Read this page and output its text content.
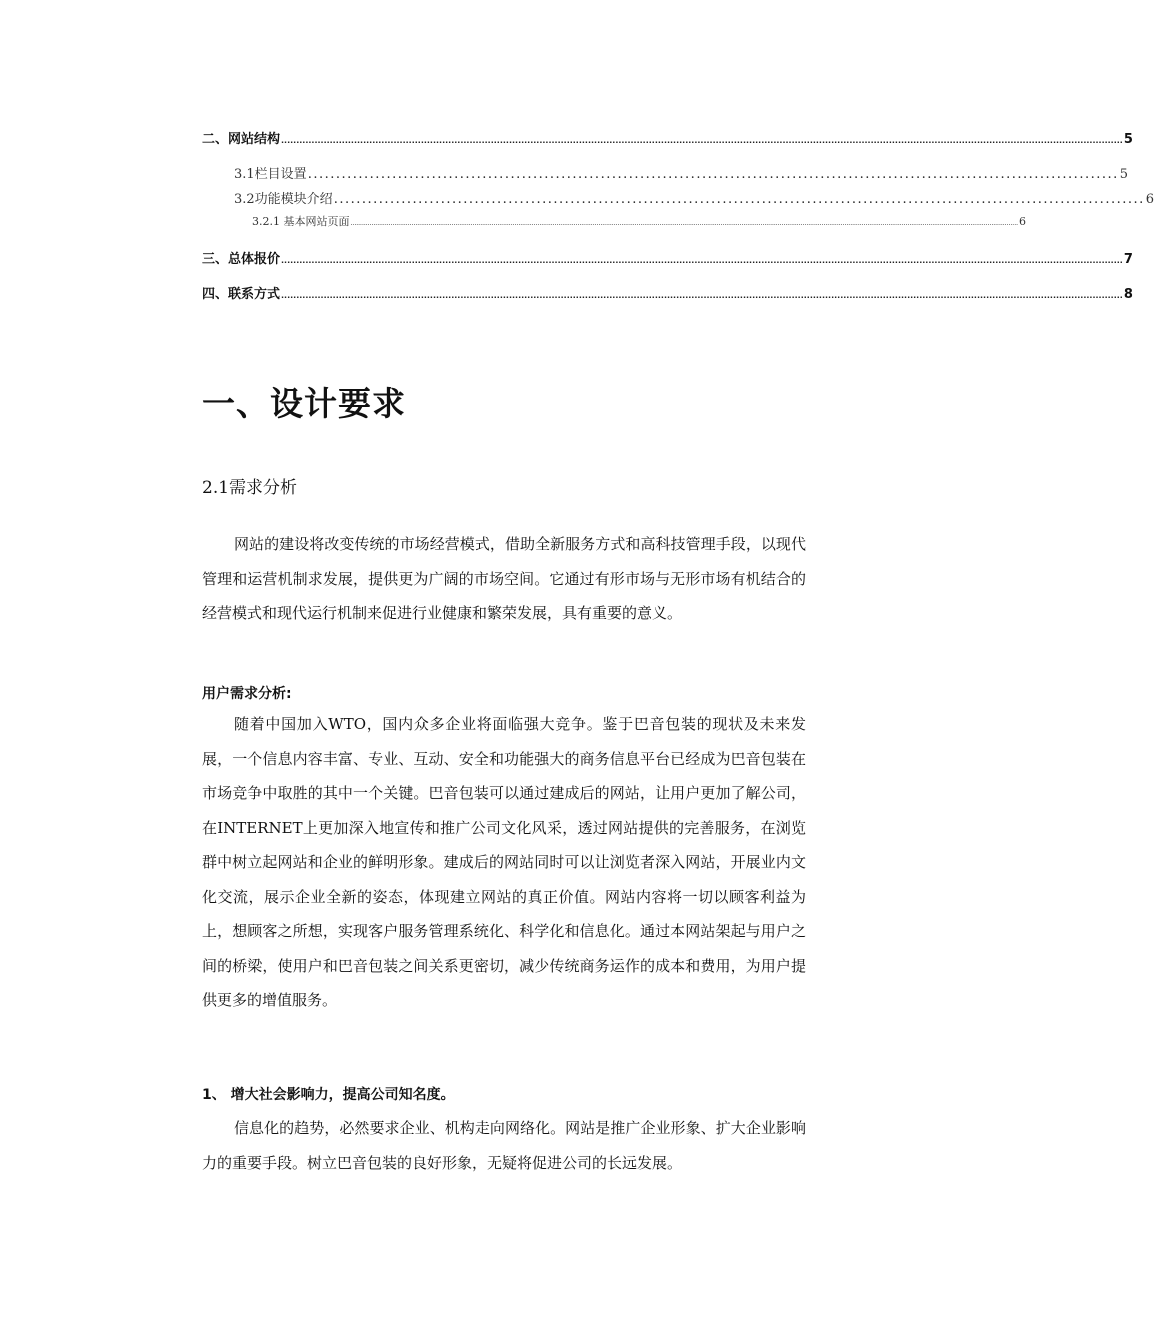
二、网站结构 ..................................................................................................................................................................................................................................................................................... 5
3.1栏目设置 ................................................................................................................................................ 5
3.2功能模块介绍 ................................................................................................................................................ 6
3.2.1 基本网站页面 .............................................................................................................................................................................................................................................................................................................................................................. 6
三、总体报价 ..................................................................................................................................................................................................................................................................................... 7
四、联系方式 ..................................................................................................................................................................................................................................................................................... 8
一、设计要求
2.1需求分析

网站的建设将改变传统的市场经营模式，借助全新服务方式和高科技管理手段，以现代管理和运营机制求发展，提供更为广阔的市场空间。它通过有形市场与无形市场有机结合的经营模式和现代运行机制来促进行业健康和繁荣发展，具有重要的意义。

用户需求分析:

随着中国加入WTO，国内众多企业将面临强大竞争。鉴于巴音包装的现状及未来发展，一个信息内容丰富、专业、互动、安全和功能强大的商务信息平台已经成为巴音包装在市场竞争中取胜的其中一个关键。巴音包装可以通过建成后的网站，让用户更加了解公司，在INTERNET上更加深入地宣传和推广公司文化风采，透过网站提供的完善服务，在浏览群中树立起网站和企业的鲜明形象。建成后的网站同时可以让浏览者深入网站，开展业内文化交流，展示企业全新的姿态，体现建立网站的真正价值。网站内容将一切以顾客利益为上，想顾客之所想，实现客户服务管理系统化、科学化和信息化。通过本网站架起与用户之间的桥梁，使用户和巴音包装之间关系更密切，减少传统商务运作的成本和费用，为用户提供更多的增值服务。

1、 增大社会影响力，提高公司知名度。

信息化的趋势，必然要求企业、机构走向网络化。网站是推广企业形象、扩大企业影响力的重要手段。树立巴音包装的良好形象，无疑将促进公司的长远发展。
